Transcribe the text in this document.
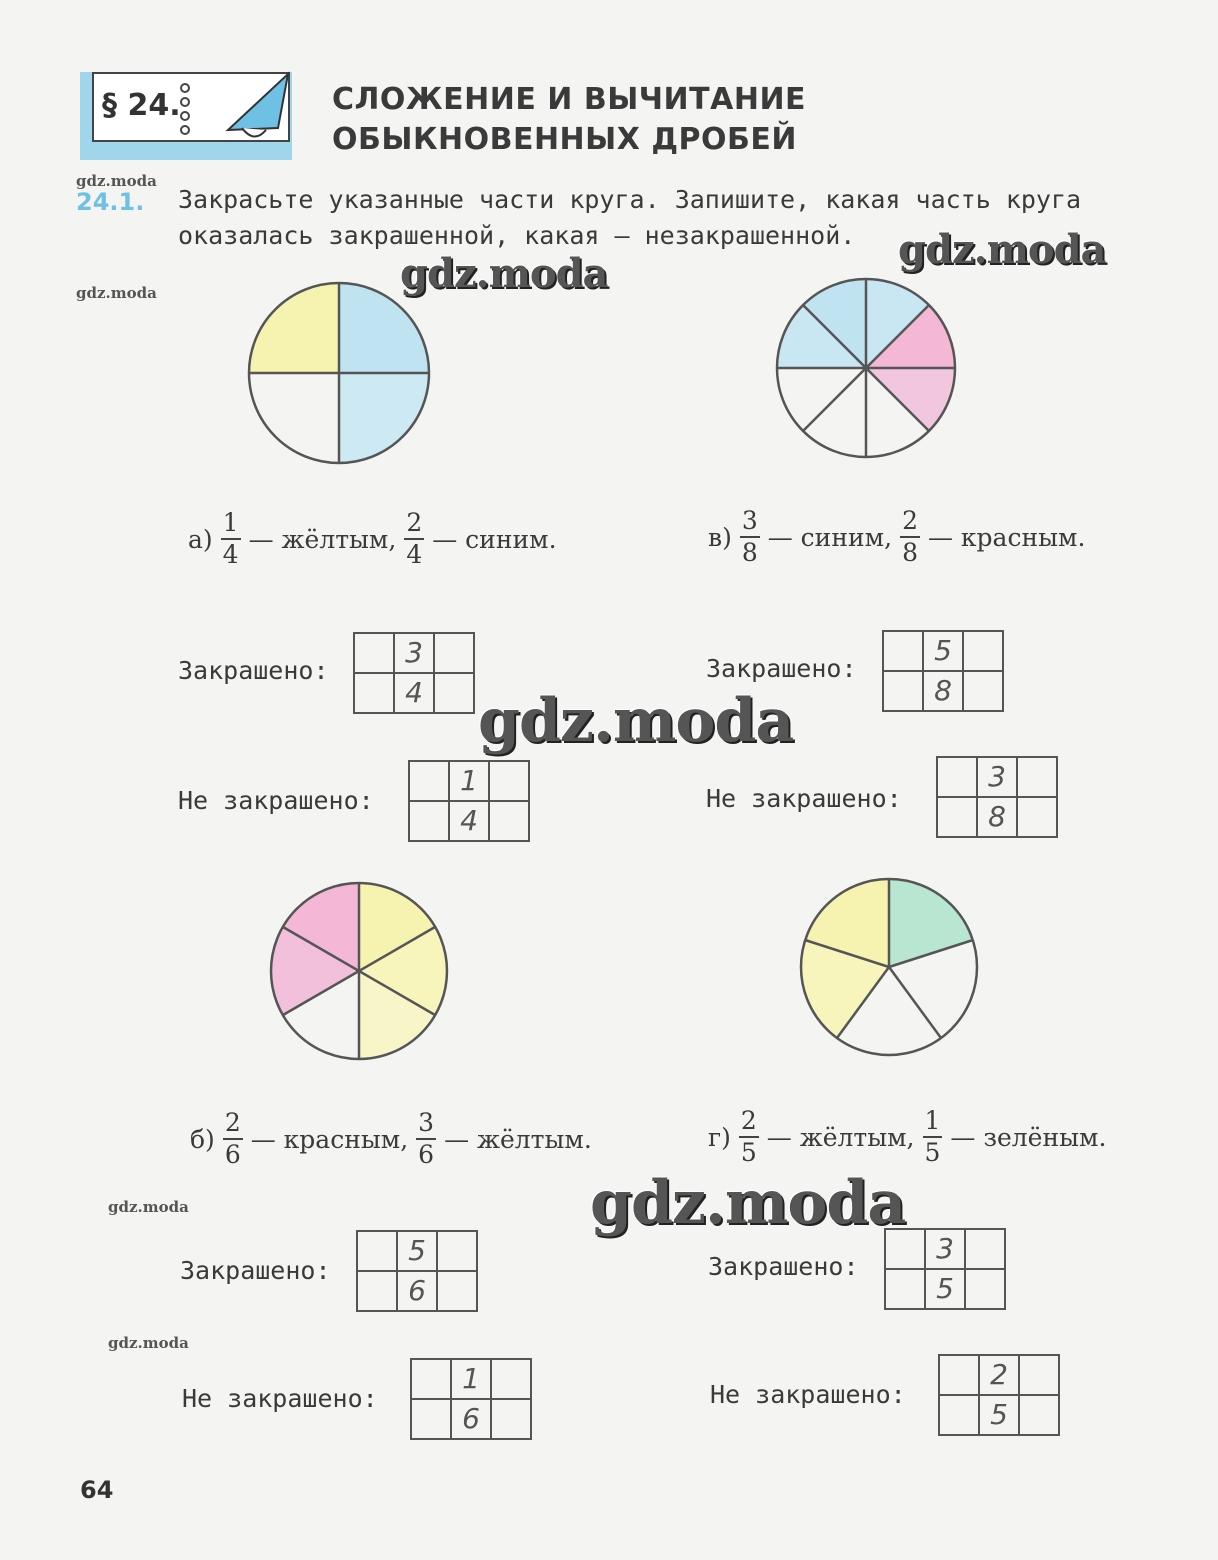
§ 24.	СЛОЖЕНИЕ И ВЫЧИТАНИЕ
ОБЫКНОВЕННЫХ ДРОБЕЙ
gdz.moda
gdz.moda
gdz.moda
gdz.moda
24.1. Закрасьте указанные части круга. Запишите, какая часть круга оказалась закрашенной, какая — незакрашенной.
gdz.moda
gdz.moda
gdz.moda
gdz.moda
$а) \frac{1}{4}$ — жёлтым, $\frac{2}{4}$ — синим.	$в) \frac{3}{8}$ — синим, $\frac{2}{8}$ — красным.
$б) \frac{2}{6}$ — красным, $\frac{3}{6}$ — жёлтым.	$г) \frac{2}{5}$ — жёлтым, $\frac{1}{5}$ — зелёным.
Закрашено:
	3	
	4	
Не закрашено:
	1	
	4	
Закрашено:
	5	
	8	
Не закрашено:
	3	
	8	
Закрашено:
	5	
	6	
Не закрашено:
	1	
	6	
Закрашено:
	3	
	5	
Не закрашено:
	2	
	5	
64
